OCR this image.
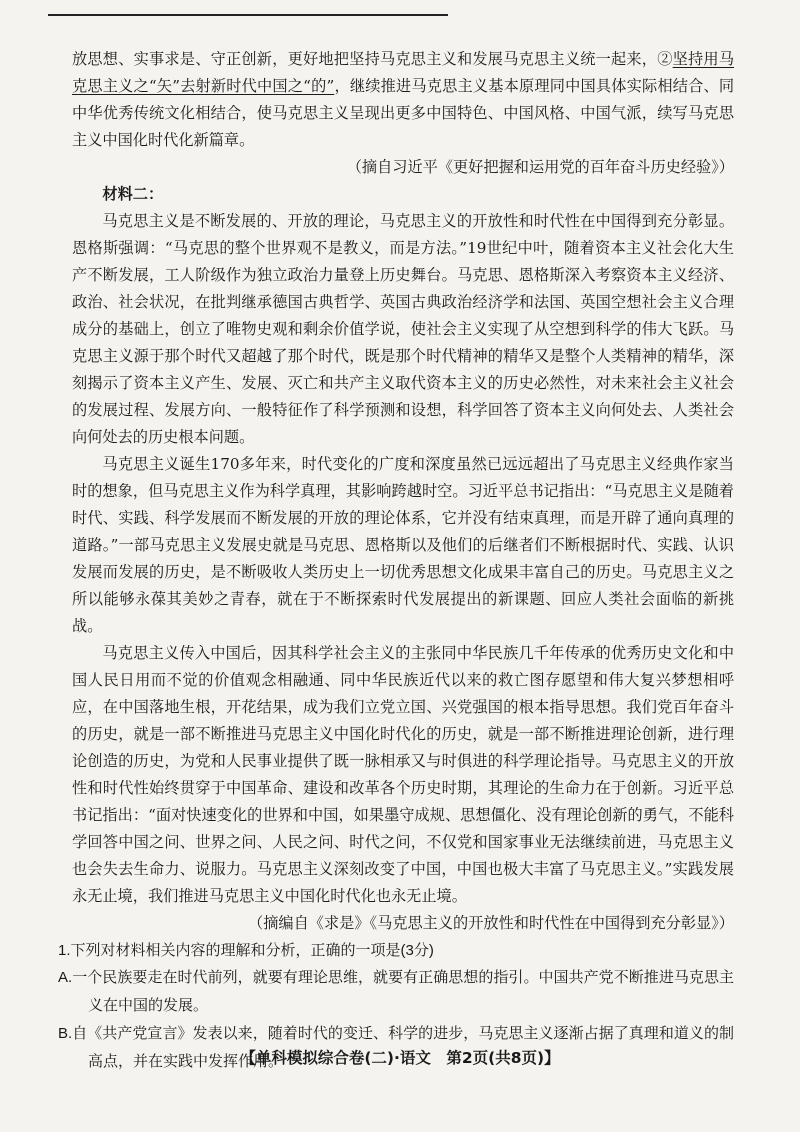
放思想、实事求是、守正创新，更好地把坚持马克思主义和发展马克思主义统一起来，②坚持用马克思主义之“矢”去射新时代中国之“的”，继续推进马克思主义基本原理同中国具体实际相结合、同中华优秀传统文化相结合，使马克思主义呈现出更多中国特色、中国风格、中国气派，续写马克思主义中国化时代化新篇章。

（摘自习近平《更好把握和运用党的百年奋斗历史经验》）

材料二：

马克思主义是不断发展的、开放的理论，马克思主义的开放性和时代性在中国得到充分彰显。恩格斯强调：“马克思的整个世界观不是教义，而是方法。”19世纪中叶，随着资本主义社会化大生产不断发展，工人阶级作为独立政治力量登上历史舞台。马克思、恩格斯深入考察资本主义经济、政治、社会状况，在批判继承德国古典哲学、英国古典政治经济学和法国、英国空想社会主义合理成分的基础上，创立了唯物史观和剩余价值学说，使社会主义实现了从空想到科学的伟大飞跃。马克思主义源于那个时代又超越了那个时代，既是那个时代精神的精华又是整个人类精神的精华，深刻揭示了资本主义产生、发展、灭亡和共产主义取代资本主义的历史必然性，对未来社会主义社会的发展过程、发展方向、一般特征作了科学预测和设想，科学回答了资本主义向何处去、人类社会向何处去的历史根本问题。

马克思主义诞生170多年来，时代变化的广度和深度虽然已远远超出了马克思主义经典作家当时的想象，但马克思主义作为科学真理，其影响跨越时空。习近平总书记指出：“马克思主义是随着时代、实践、科学发展而不断发展的开放的理论体系，它并没有结束真理，而是开辟了通向真理的道路。”一部马克思主义发展史就是马克思、恩格斯以及他们的后继者们不断根据时代、实践、认识发展而发展的历史，是不断吸收人类历史上一切优秀思想文化成果丰富自己的历史。马克思主义之所以能够永葆其美妙之青春，就在于不断探索时代发展提出的新课题、回应人类社会面临的新挑战。

马克思主义传入中国后，因其科学社会主义的主张同中华民族几千年传承的优秀历史文化和中国人民日用而不觉的价值观念相融通、同中华民族近代以来的救亡图存愿望和伟大复兴梦想相呼应，在中国落地生根，开花结果，成为我们立党立国、兴党强国的根本指导思想。我们党百年奋斗的历史，就是一部不断推进马克思主义中国化时代化的历史，就是一部不断推进理论创新，进行理论创造的历史，为党和人民事业提供了既一脉相承又与时俱进的科学理论指导。马克思主义的开放性和时代性始终贯穿于中国革命、建设和改革各个历史时期，其理论的生命力在于创新。习近平总书记指出：“面对快速变化的世界和中国，如果墨守成规、思想僵化、没有理论创新的勇气，不能科学回答中国之问、世界之问、人民之问、时代之问，不仅党和国家事业无法继续前进，马克思主义也会失去生命力、说服力。马克思主义深刻改变了中国，中国也极大丰富了马克思主义。”实践发展永无止境，我们推进马克思主义中国化时代化也永无止境。

（摘编自《求是》《马克思主义的开放性和时代性在中国得到充分彰显》）

1.下列对材料相关内容的理解和分析，正确的一项是(3分)

A.一个民族要走在时代前列，就要有理论思维，就要有正确思想的指引。中国共产党不断推进马克思主义在中国的发展。

B.自《共产党宣言》发表以来，随着时代的变迁、科学的进步，马克思主义逐渐占据了真理和道义的制高点，并在实践中发挥作用。

【单科模拟综合卷(二)·语文　第2页(共8页)】
